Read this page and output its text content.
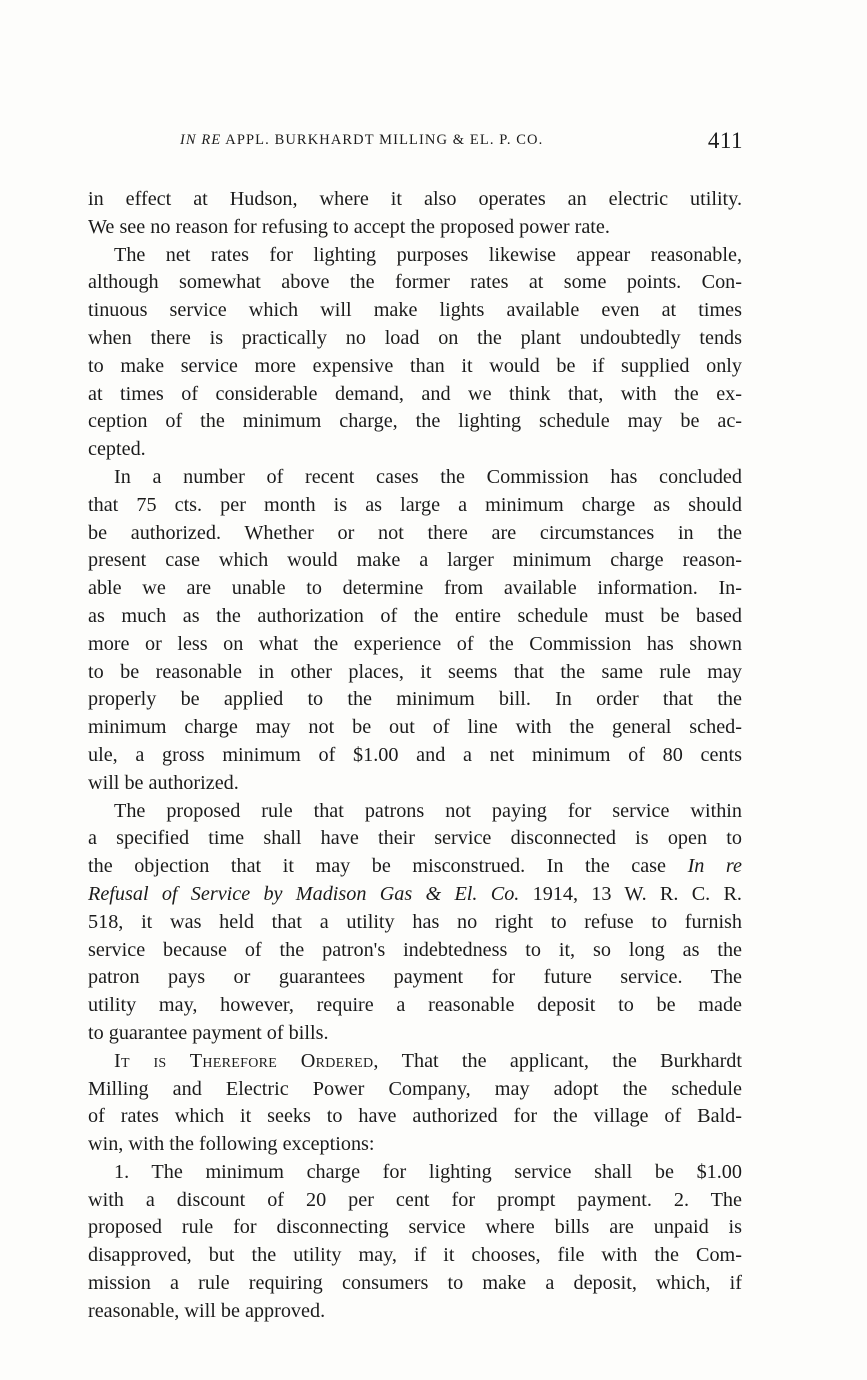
IN RE APPL. BURKHARDT MILLING & EL. P. CO.	411
in effect at Hudson, where it also operates an electric utility.
We see no reason for refusing to accept the proposed power rate.
The net rates for lighting purposes likewise appear reasonable,
although somewhat above the former rates at some points. Con-
tinuous service which will make lights available even at times
when there is practically no load on the plant undoubtedly tends
to make service more expensive than it would be if supplied only
at times of considerable demand, and we think that, with the ex-
ception of the minimum charge, the lighting schedule may be ac-
cepted.
In a number of recent cases the Commission has concluded
that 75 cts. per month is as large a minimum charge as should
be authorized. Whether or not there are circumstances in the
present case which would make a larger minimum charge reason-
able we are unable to determine from available information. In-
as much as the authorization of the entire schedule must be based
more or less on what the experience of the Commission has shown
to be reasonable in other places, it seems that the same rule may
properly be applied to the minimum bill. In order that the
minimum charge may not be out of line with the general sched-
ule, a gross minimum of $1.00 and a net minimum of 80 cents
will be authorized.
The proposed rule that patrons not paying for service within
a specified time shall have their service disconnected is open to
the objection that it may be misconstrued. In the case In re
Refusal of Service by Madison Gas & El. Co. 1914, 13 W. R. C. R.
518, it was held that a utility has no right to refuse to furnish
service because of the patron's indebtedness to it, so long as the
patron pays or guarantees payment for future service. The
utility may, however, require a reasonable deposit to be made
to guarantee payment of bills.
It is Therefore Ordered, That the applicant, the Burkhardt
Milling and Electric Power Company, may adopt the schedule
of rates which it seeks to have authorized for the village of Bald-
win, with the following exceptions:
1. The minimum charge for lighting service shall be $1.00
with a discount of 20 per cent for prompt payment. 2. The
proposed rule for disconnecting service where bills are unpaid is
disapproved, but the utility may, if it chooses, file with the Com-
mission a rule requiring consumers to make a deposit, which, if
reasonable, will be approved.
